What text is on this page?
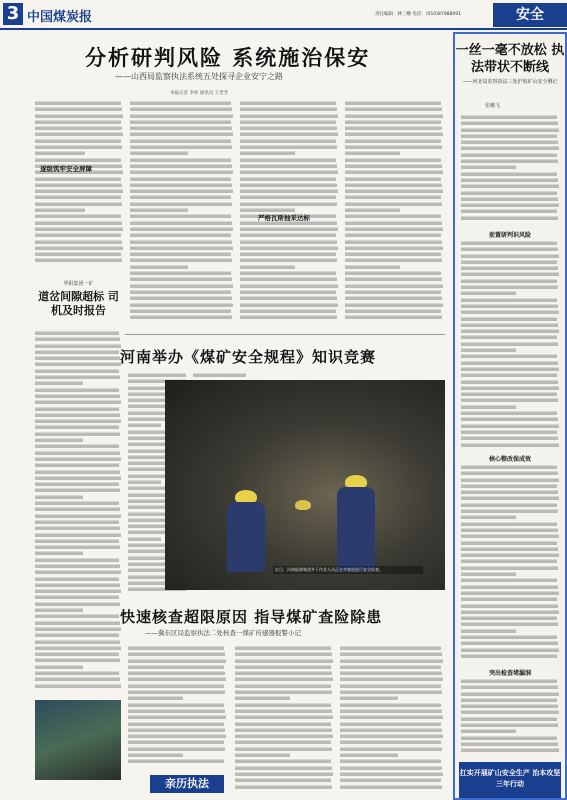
3 中国煤炭报	责任编辑：林三娥 电话：(010)87988091	安全
分析研判风险 系统施治保安
——山西局监察执法系统五处探寻企业安宁之路
本报记者 李祥 通讯员 王晋芳
逐级筑牢安全屏障
严格瓦斯抽采达标
华阳集团一矿
道岔间隙超标 司机及时报告
河南举办《煤矿安全规程》知识竞赛
近日，河南能源集团井下作业人员正在对巷道进行安全检查。
快速核查超限原因 指导煤矿查险除患
——冀东区局监察执法二处核查一煤矿传感器报警小记
亲历执法
一丝一毫不放松 执法带状不断线
——河北局监察执法三处护航矿山安全侧记
张曦飞
前置研判识风险
核心整改保成效
突出检查堵漏洞
扛实开展矿山安全生产 治本攻坚三年行动
